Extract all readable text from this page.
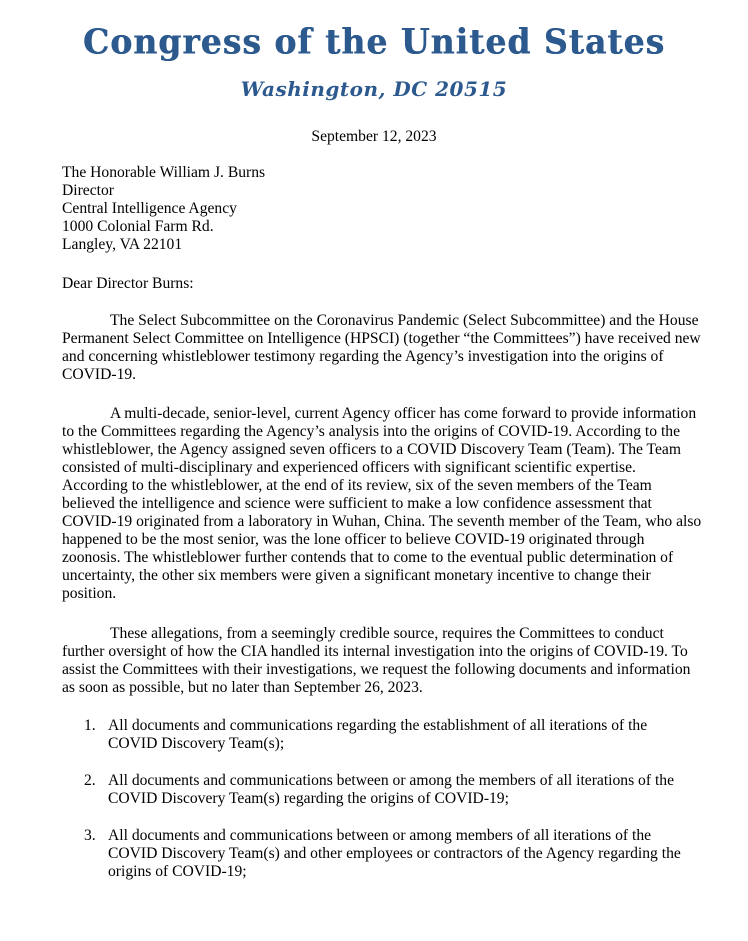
Congress of the United States
Washington, DC 20515
September 12, 2023
The Honorable William J. Burns
Director
Central Intelligence Agency
1000 Colonial Farm Rd.
Langley, VA 22101
Dear Director Burns:
The Select Subcommittee on the Coronavirus Pandemic (Select Subcommittee) and the House Permanent Select Committee on Intelligence (HPSCI) (together “the Committees”) have received new and concerning whistleblower testimony regarding the Agency’s investigation into the origins of COVID-19.
A multi-decade, senior-level, current Agency officer has come forward to provide information to the Committees regarding the Agency’s analysis into the origins of COVID-19. According to the whistleblower, the Agency assigned seven officers to a COVID Discovery Team (Team). The Team consisted of multi-disciplinary and experienced officers with significant scientific expertise. According to the whistleblower, at the end of its review, six of the seven members of the Team believed the intelligence and science were sufficient to make a low confidence assessment that COVID-19 originated from a laboratory in Wuhan, China. The seventh member of the Team, who also happened to be the most senior, was the lone officer to believe COVID-19 originated through zoonosis. The whistleblower further contends that to come to the eventual public determination of uncertainty, the other six members were given a significant monetary incentive to change their position.
These allegations, from a seemingly credible source, requires the Committees to conduct further oversight of how the CIA handled its internal investigation into the origins of COVID-19. To assist the Committees with their investigations, we request the following documents and information as soon as possible, but no later than September 26, 2023.
1. All documents and communications regarding the establishment of all iterations of the COVID Discovery Team(s);
2. All documents and communications between or among the members of all iterations of the COVID Discovery Team(s) regarding the origins of COVID-19;
3. All documents and communications between or among members of all iterations of the COVID Discovery Team(s) and other employees or contractors of the Agency regarding the origins of COVID-19;
